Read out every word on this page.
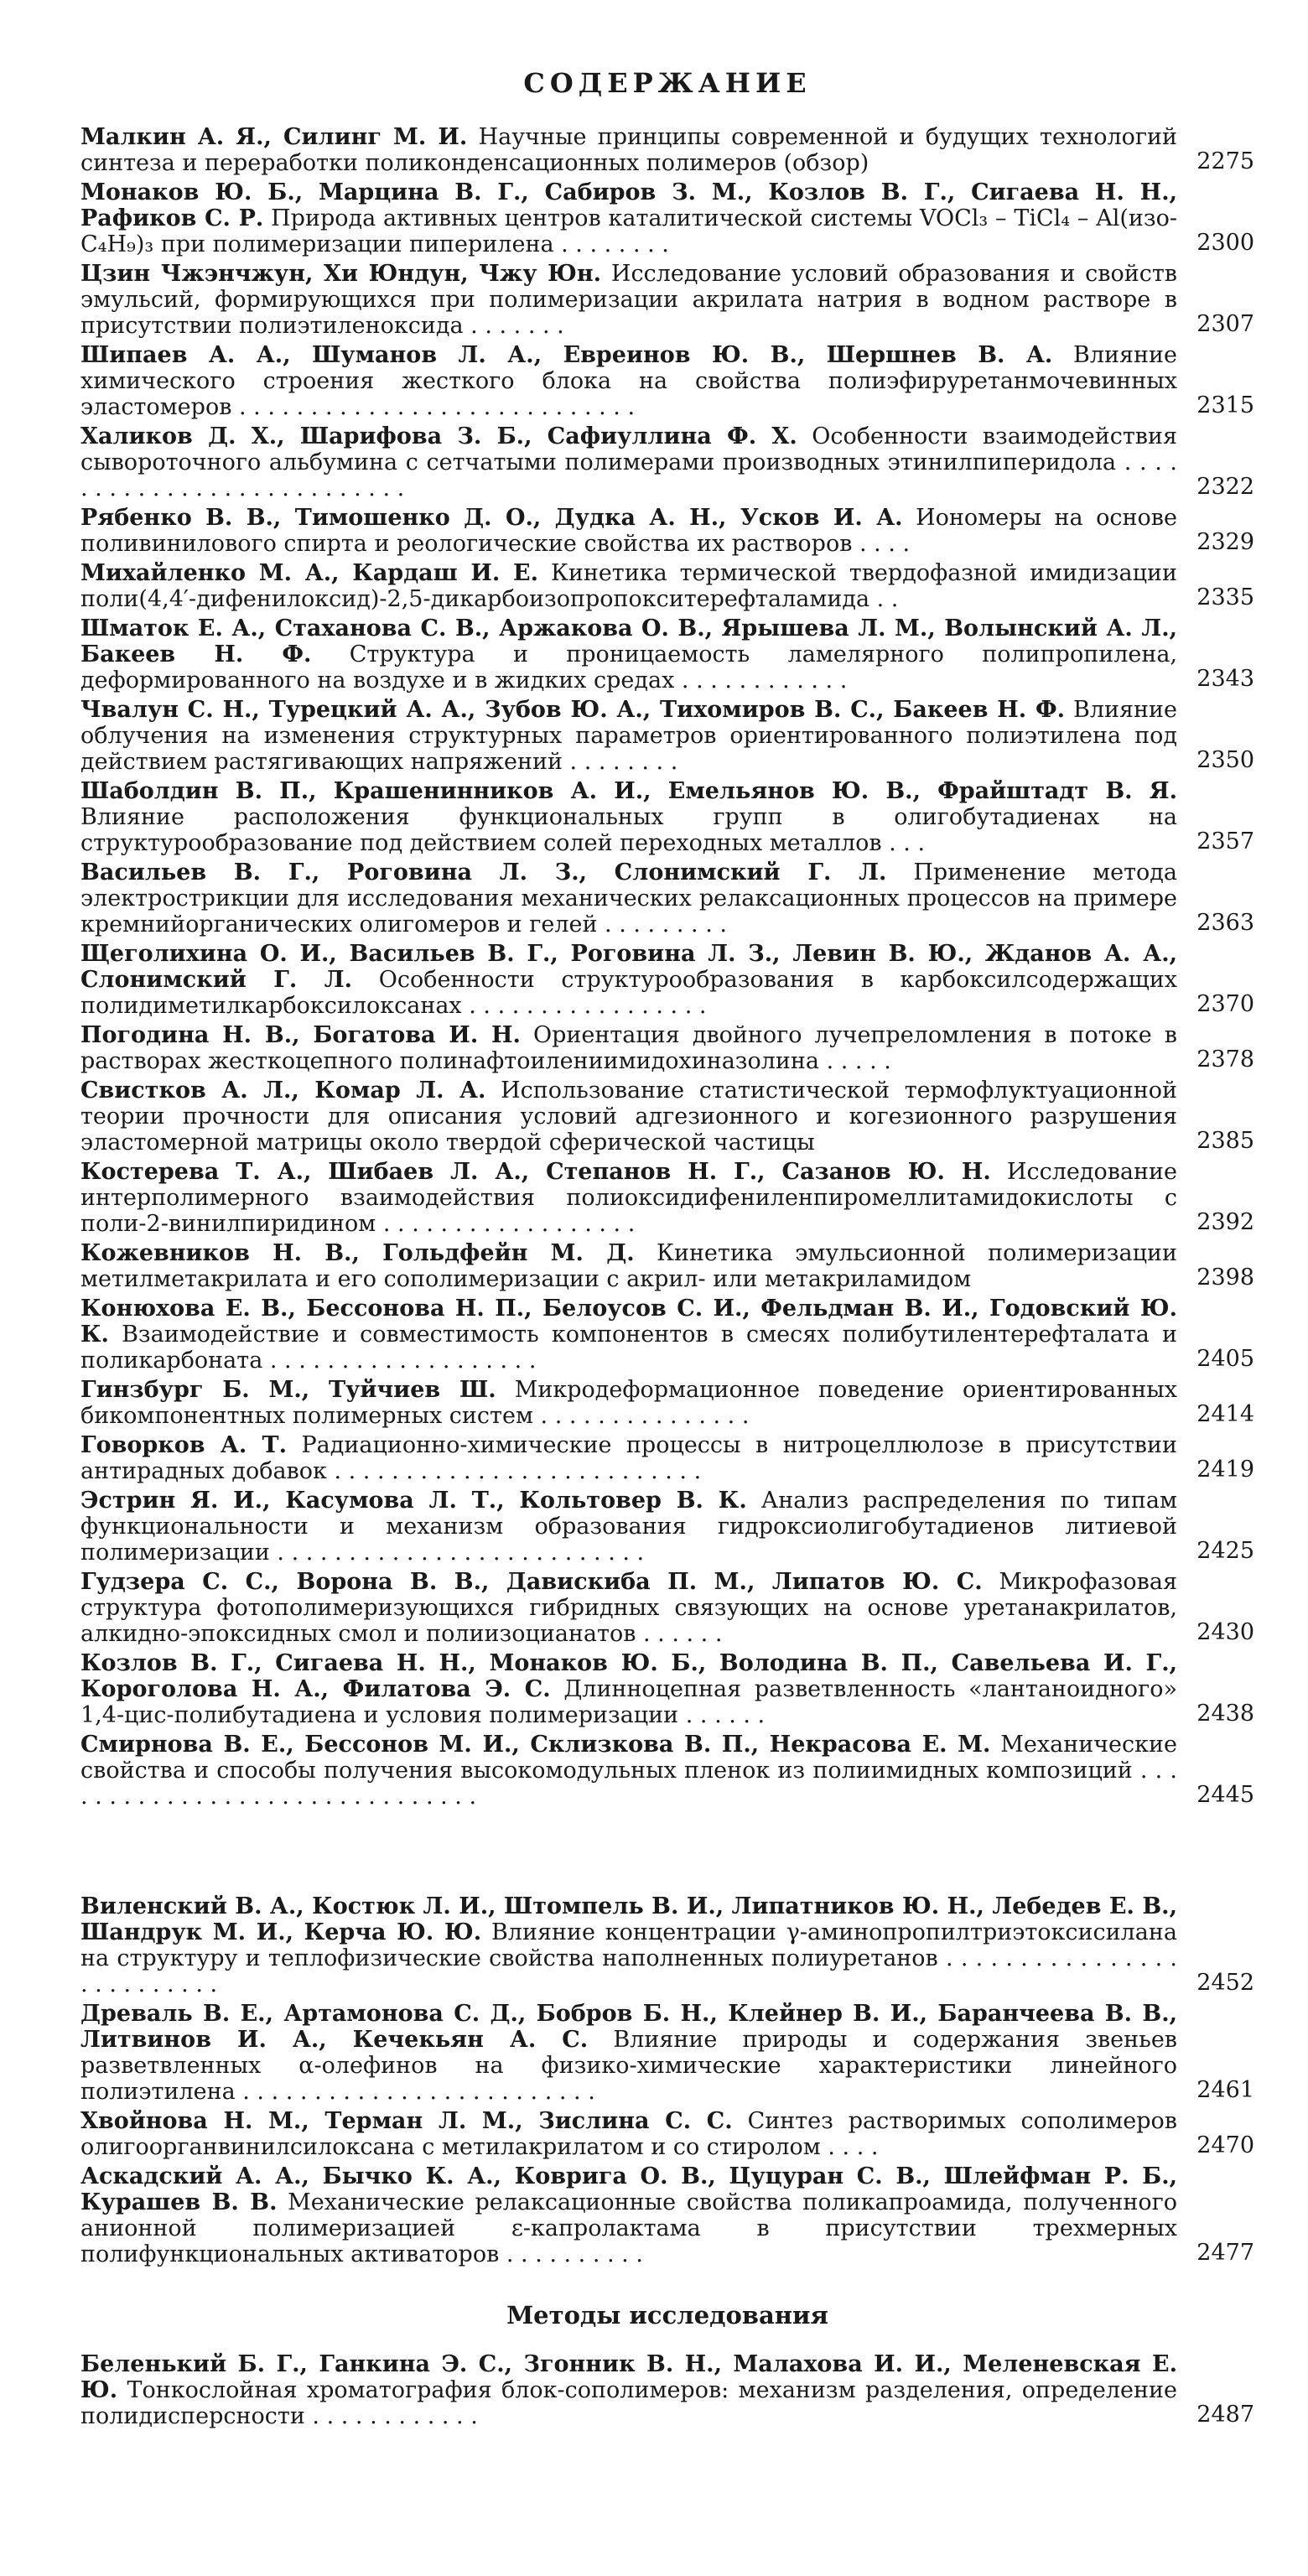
СОДЕРЖАНИЕ
Малкин А. Я., Силинг М. И. Научные принципы современной и будущих технологий синтеза и переработки поликонденсационных полимеров (обзор)	2275
Монаков Ю. Б., Марцина В. Г., Сабиров З. М., Козлов В. Г., Сигаева Н. Н., Рафиков С. Р. Природа активных центров каталитической системы VOCl₃ – TiCl₄ – Al(изо-C₄H₉)₃ при полимеризации пиперилена . . . . . . . .	2300
Цзин Чжэнчжун, Хи Юндун, Чжу Юн. Исследование условий образования и свойств эмульсий, формирующихся при полимеризации акрилата натрия в водном растворе в присутствии полиэтиленоксида . . . . . . .	2307
Шипаев А. А., Шуманов Л. А., Евреинов Ю. В., Шершнев В. А. Влияние химического строения жесткого блока на свойства полиэфируретанмочевинных эластомеров . . . . . . . . . . . . . . . . . . . . . . . . . . . .	2315
Халиков Д. Х., Шарифова З. Б., Сафиуллина Ф. Х. Особенности взаимодействия сывороточного альбумина с сетчатыми полимерами производных этинилпиперидола . . . . . . . . . . . . . . . . . . . . . . . . . . .	2322
Рябенко В. В., Тимошенко Д. О., Дудка А. Н., Усков И. А. Иономеры на основе поливинилового спирта и реологические свойства их растворов . . . .	2329
Михайленко М. А., Кардаш И. Е. Кинетика термической твердофазной имидизации поли(4,4′-дифенилоксид)-2,5-дикарбоизопропокситерефталамида . .	2335
Шматок Е. А., Стаханова С. В., Аржакова О. В., Ярышева Л. М., Волынский А. Л., Бакеев Н. Ф. Структура и проницаемость ламелярного полипропилена, деформированного на воздухе и в жидких средах . . . . . . . . . . . .	2343
Чвалун С. Н., Турецкий А. А., Зубов Ю. А., Тихомиров В. С., Бакеев Н. Ф. Влияние облучения на изменения структурных параметров ориентированного полиэтилена под действием растягивающих напряжений . . . . . . . .	2350
Шаболдин В. П., Крашенинников А. И., Емельянов Ю. В., Фрайштадт В. Я. Влияние расположения функциональных групп в олигобутадиенах на структурообразование под действием солей переходных металлов . . .	2357
Васильев В. Г., Роговина Л. З., Слонимский Г. Л. Применение метода электрострикции для исследования механических релаксационных процессов на примере кремнийорганических олигомеров и гелей . . . . . . . . .	2363
Щеголихина О. И., Васильев В. Г., Роговина Л. З., Левин В. Ю., Жданов А. А., Слонимский Г. Л. Особенности структурообразования в карбоксилсодержащих полидиметилкарбоксилоксанах . . . . . . . . . . . . . . . . .	2370
Погодина Н. В., Богатова И. Н. Ориентация двойного лучепреломления в потоке в растворах жесткоцепного полинафтоилениимидохиназолина . . . . .	2378
Свистков А. Л., Комар Л. А. Использование статистической термофлуктуационной теории прочности для описания условий адгезионного и когезионного разрушения эластомерной матрицы около твердой сферической частицы	2385
Костерева Т. А., Шибаев Л. А., Степанов Н. Г., Сазанов Ю. Н. Исследование интерполимерного взаимодействия полиоксидифениленпиромеллитамидокислоты с поли-2-винилпиридином . . . . . . . . . . . . . . . . . .	2392
Кожевников Н. В., Гольдфейн М. Д. Кинетика эмульсионной полимеризации метилметакрилата и его сополимеризации с акрил- или метакриламидом	2398
Конюхова Е. В., Бессонова Н. П., Белоусов С. И., Фельдман В. И., Годовский Ю. К. Взаимодействие и совместимость компонентов в смесях полибутилентерефталата и поликарбоната . . . . . . . . . . . . . . . . . . .	2405
Гинзбург Б. М., Туйчиев Ш. Микродеформационное поведение ориентированных бикомпонентных полимерных систем . . . . . . . . . . . . . . .	2414
Говорков А. Т. Радиационно-химические процессы в нитроцеллюлозе в присутствии антирадных добавок . . . . . . . . . . . . . . . . . . . . . . . . . .	2419
Эстрин Я. И., Касумова Л. Т., Кольтовер В. К. Анализ распределения по типам функциональности и механизм образования гидроксиолигобутадиенов литиевой полимеризации . . . . . . . . . . . . . . . . . . . . . . . . . .	2425
Гудзера С. С., Ворона В. В., Давискиба П. М., Липатов Ю. С. Микрофазовая структура фотополимеризующихся гибридных связующих на основе уретанакрилатов, алкидно-эпоксидных смол и полиизоцианатов . . . . . .	2430
Козлов В. Г., Сигаева Н. Н., Монаков Ю. Б., Володина В. П., Савельева И. Г., Короголова Н. А., Филатова Э. С. Длинноцепная разветвленность «лантаноидного» 1,4-цис-полибутадиена и условия полимеризации . . . . . .	2438
Смирнова В. Е., Бессонов М. И., Склизкова В. П., Некрасова Е. М. Механические свойства и способы получения высокомодульных пленок из полиимидных композиций . . . . . . . . . . . . . . . . . . . . . . . . . . . . . . .	2445
Виленский В. А., Костюк Л. И., Штомпель В. И., Липатников Ю. Н., Лебедев Е. В., Шандрук М. И., Керча Ю. Ю. Влияние концентрации γ-аминопропилтриэтоксисилана на структуру и теплофизические свойства наполненных полиуретанов . . . . . . . . . . . . . . . . . . . . . . . . . .	2452
Древаль В. Е., Артамонова С. Д., Бобров Б. Н., Клейнер В. И., Баранчеева В. В., Литвинов И. А., Кечекьян А. С. Влияние природы и содержания звеньев разветвленных α-олефинов на физико-химические характеристики линейного полиэтилена . . . . . . . . . . . . . . . . . . . . . . . . .	2461
Хвойнова Н. М., Терман Л. М., Зислина С. С. Синтез растворимых сополимеров олигоорганвинилсилоксана с метилакрилатом и со стиролом . . . .	2470
Аскадский А. А., Бычко К. А., Коврига О. В., Цуцуран С. В., Шлейфман Р. Б., Курашев В. В. Механические релаксационные свойства поликапроамида, полученного анионной полимеризацией ε-капролактама в присутствии трехмерных полифункциональных активаторов . . . . . . . . . .	2477
Методы исследования
Беленький Б. Г., Ганкина Э. С., Згонник В. Н., Малахова И. И., Меленевская Е. Ю. Тонкослойная хроматография блок-сополимеров: механизм разделения, определение полидисперсности . . . . . . . . . . . .	2487
